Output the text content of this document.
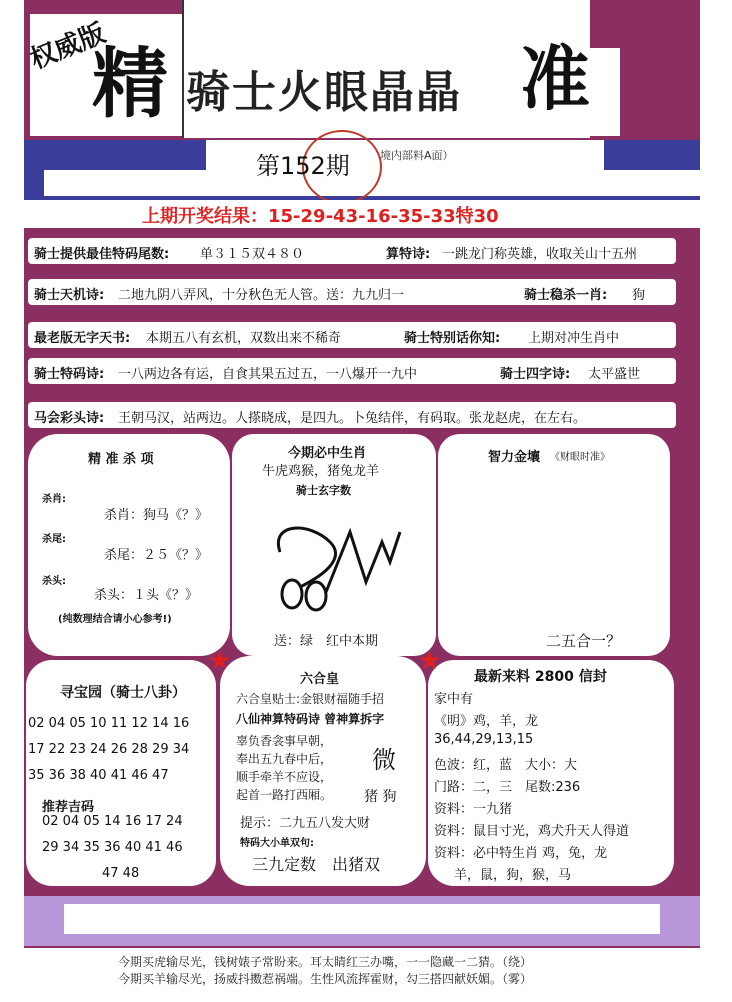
权威版
精 骑士火眼晶晶 准
第152期	境内部料A面）
上期开奖结果：15-29-43-16-35-33特30
骑士提供最佳特码尾数: 单３１５双４８０	算特诗: 一跳龙门称英雄，收取关山十五州
骑士天机诗: 二地九阴八弄风，十分秋色无人管。送：九九归一	骑士稳杀一肖: 狗
最老版无字天书: 本期五八有玄机，双数出来不稀奇	骑士特别话你知: 上期对冲生肖中
骑士特码诗: 一八两边各有运，自食其果五过五，一八爆开一九中	骑士四字诗: 太平盛世
马会彩头诗: 王朝马汉，站两边。人搽晓成，是四九。卜兔结伴，有码取。张龙赵虎，在左右。
精 准 杀 项
杀肖:
杀肖：狗马《？》
杀尾:
杀尾：２５《？》
杀头:
杀头：１头《？》
(纯数理结合请小心参考!)
今期必中生肖
牛虎鸡猴，猪兔龙羊
骑士玄字数
送：绿　红中本期
智力金壤 《财眼时准》
二五合一？
寻宝园（骑士八卦）
02 04 05 10 11 12 14 16
17 22 23 24 26 28 29 34
35 36 38 40 41 46 47
推荐吉码
02 04 05 14 16 17 24
29 34 35 36 40 41 46
47 48
六合皇
六合皇贴士:金银财福随手招
八仙神算特码诗 曾神算拆字
辜负香衾事早朝，
奉出五九春中后，
顺手牵羊不应设，
起首一路打西厢。
微
猪 狗
提示：二九五八发大财
特码大小单双句:
三九定数　出猪双
最新来料 2800 信封
家中有
《明》鸡，羊，龙
36,44,29,13,15
色波：红，蓝　大小：大
门路：二，三　尾数:236
资料：一九猪
资料：鼠目寸光，鸡犬升天人得道
资料：必中特生肖 鸡，兔，龙
羊，鼠，狗，猴，马
★	★
今期买虎输尽光，钱树婊子常盼来。耳太睛红三办嘴，一一隐藏一二猜。（绕）
今期买羊输尽光，扬威抖擞惹祸端。生性风流挥霍财，勾三搭四献妖媚。（雾）
